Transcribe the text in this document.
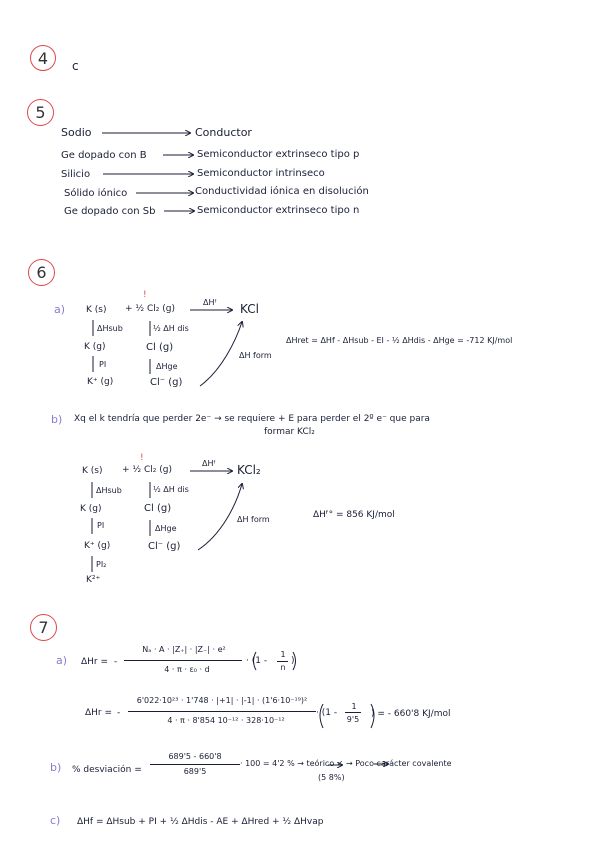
4 c
5
Sodio	Conductor
Ge dopado con B	Semiconductor extrinseco tipo p
Silicio	Semiconductor intrinseco
Sólido iónico	Conductividad iónica en disolución
Ge dopado con Sb	Semiconductor extrinseco tipo n
6
a) K (s)
!
+ ½ Cl₂ (g)
ΔHᶠ KCl
ΔHsub	½ ΔH dis
K (g)	Cl (g)
PI	ΔHge
K⁺ (g)	Cl⁻ (g)
ΔH form
ΔHret = ΔHf - ΔHsub - EI - ½ ΔHdis - ΔHge = -712 KJ/mol
b) Xq el k tendría que perder 2e⁻ → se requiere + E para perder el 2º e⁻ que para
formar KCl₂
K (s)
!
+ ½ Cl₂ (g)
ΔHᶠ KCl₂
ΔHsub	½ ΔH dis
K (g)	Cl (g)
PI	ΔHge
K⁺ (g)	Cl⁻ (g)
PI₂
K²⁺
ΔH form	ΔHᶠ° = 856 KJ/mol
7
a) ΔHr = -
Nₐ · A · |Z₊| · |Z₋| · e²
4 · π · ε₀ · d
· (1 -
1
n
)
ΔHr = -
6'022·10²³ · 1'748 · |+1| · |-1| · (1'6·10⁻¹⁹)²
4 · π · 8'854 10⁻¹² · 328·10⁻¹²
· (1 -
1
9'5
) = - 660'8 KJ/mol
b) % desviación =
689'5 - 660'8
689'5
· 100 = 4'2 % → teórico ✓ → Poco carácter covalente
(5 8%)
c) ΔHf = ΔHsub + PI + ½ ΔHdis - AE + ΔHred + ½ ΔHvap
